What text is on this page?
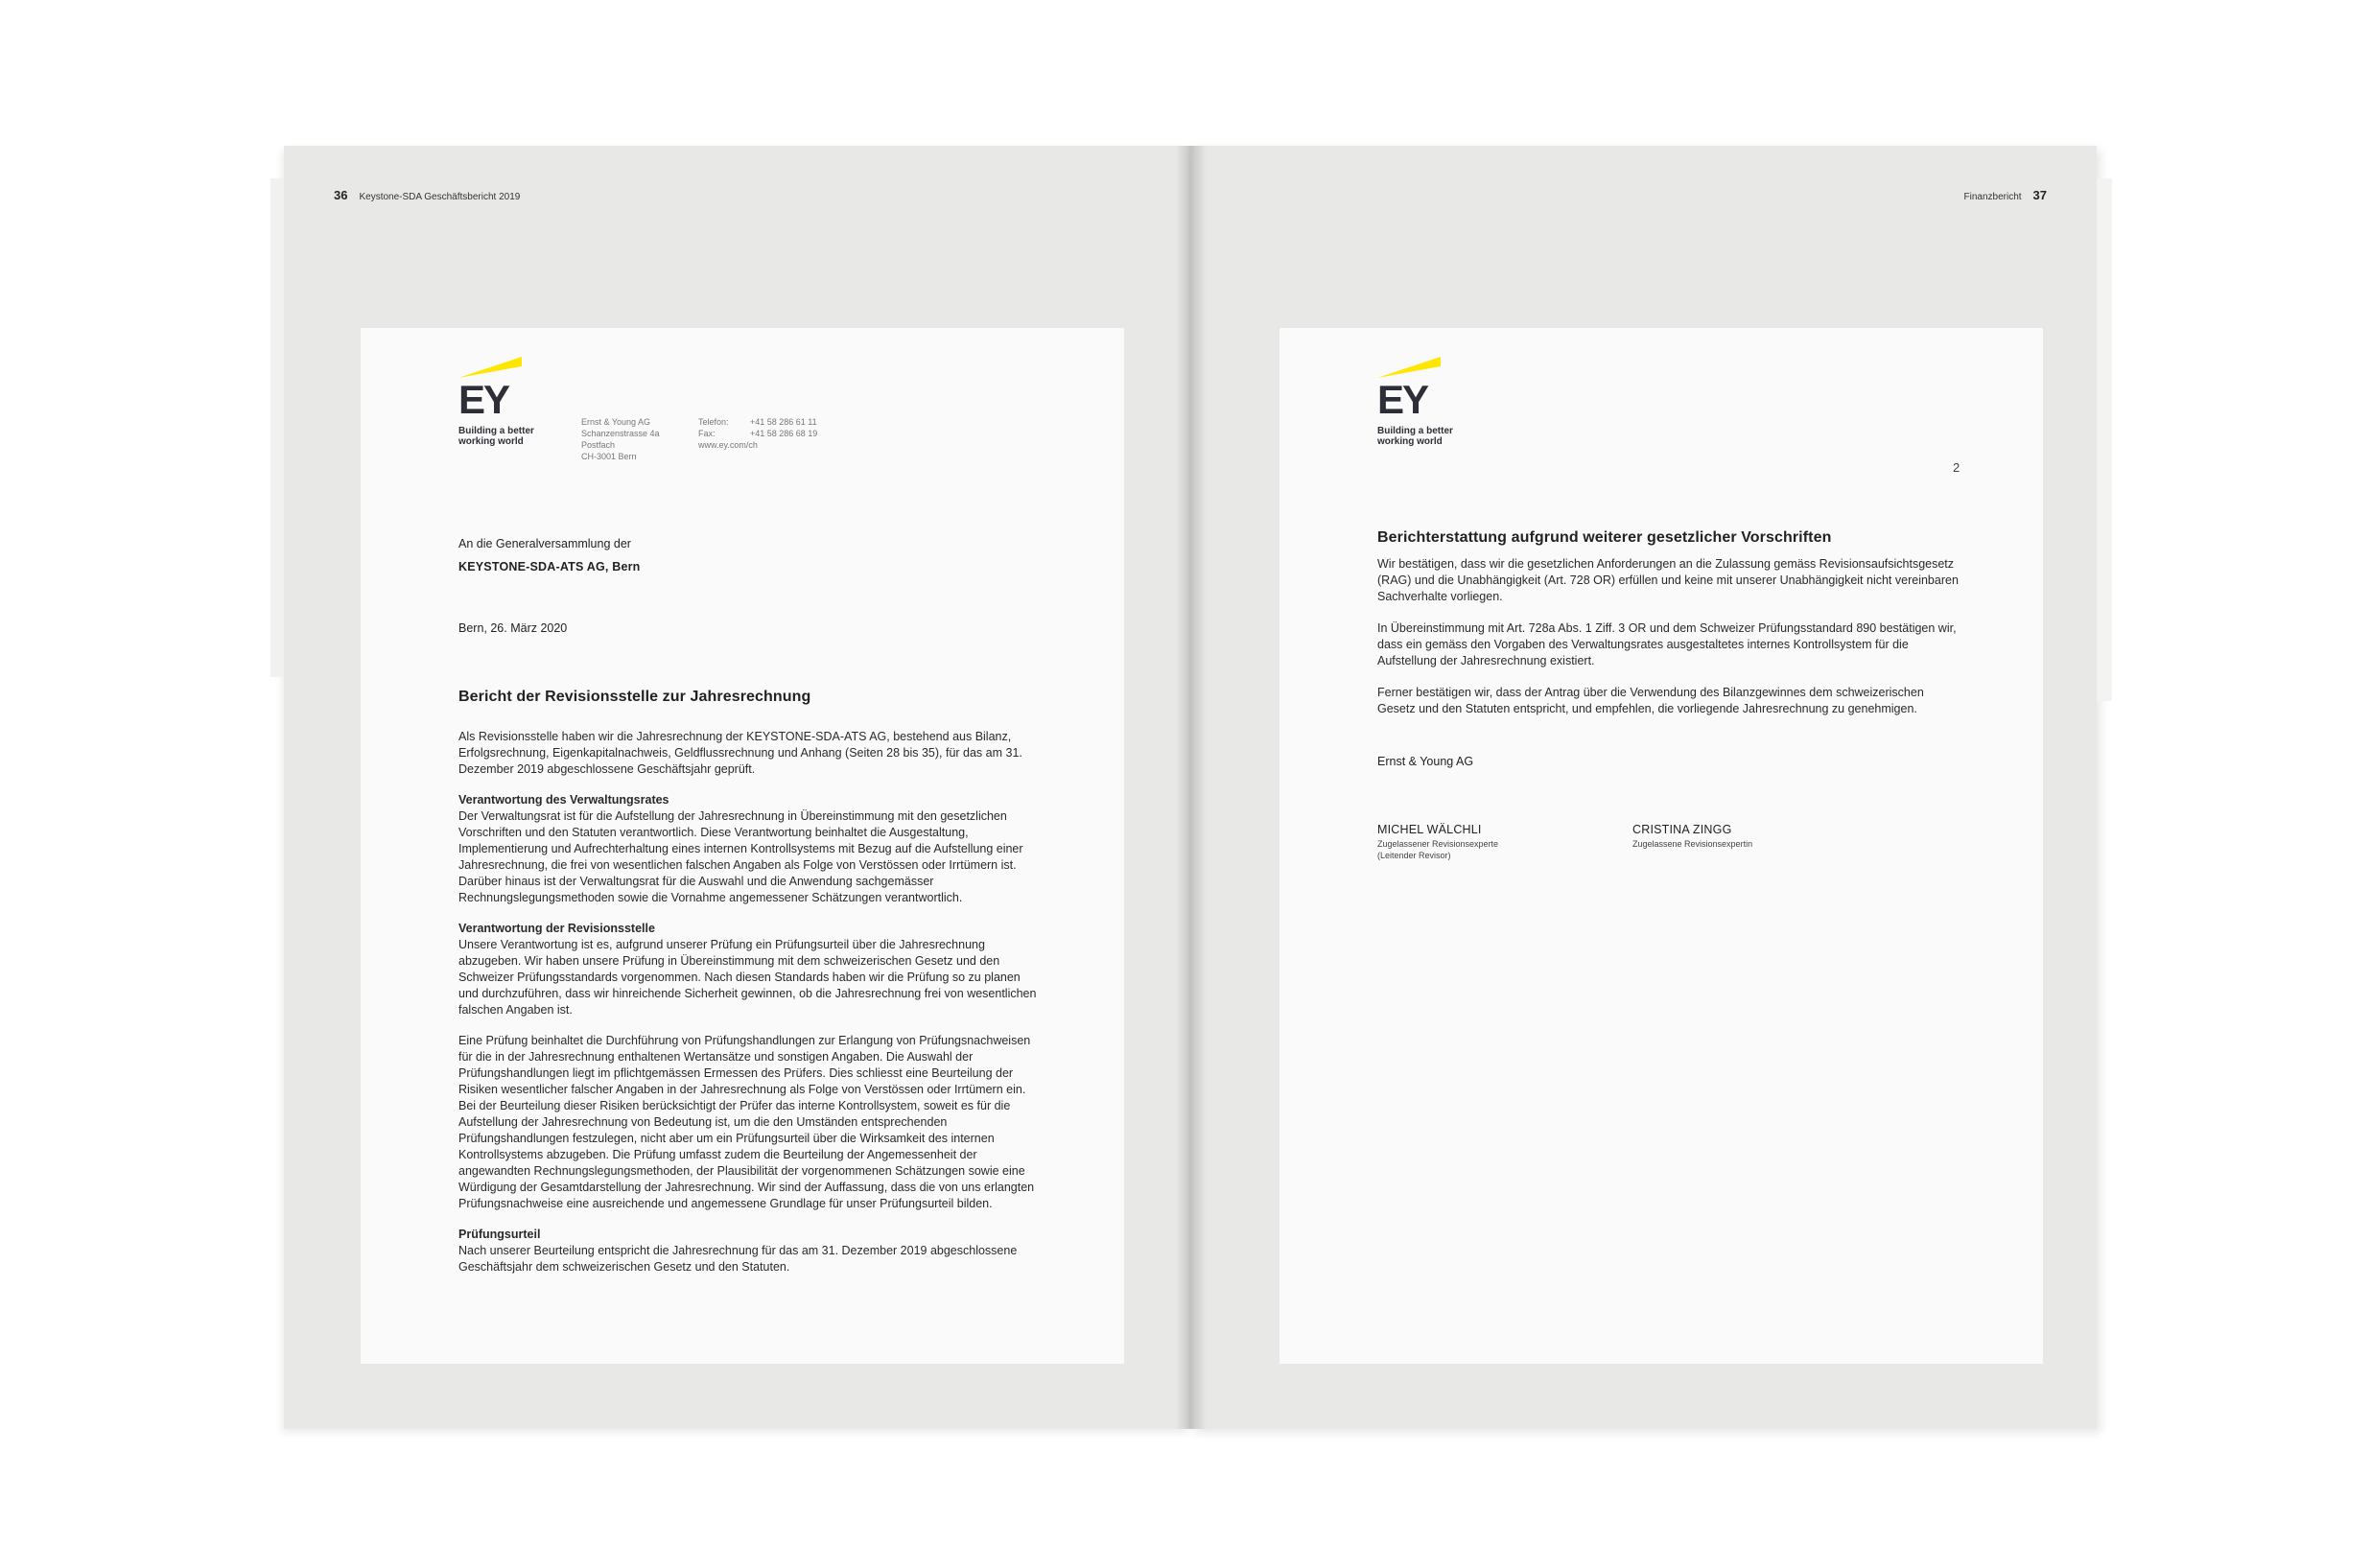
36 Keystone-SDA Geschäftsbericht 2019
EY
Building a better
working world
Ernst & Young AG
Schanzenstrasse 4a
Postfach
CH-3001 Bern
Telefon: +41 58 286 61 11
Fax:	+41 58 286 68 19
www.ey.com/ch
An die Generalversammlung der
KEYSTONE-SDA-ATS AG, Bern
Bern, 26. März 2020
Bericht der Revisionsstelle zur Jahresrechnung

Als Revisionsstelle haben wir die Jahresrechnung der KEYSTONE-SDA-ATS AG, bestehend aus Bilanz, Erfolgsrechnung, Eigenkapitalnachweis, Geldflussrechnung und Anhang (Seiten 28 bis 35), für das am 31. Dezember 2019 abgeschlossene Geschäftsjahr geprüft.

Verantwortung des Verwaltungsrates

Der Verwaltungsrat ist für die Aufstellung der Jahresrechnung in Übereinstimmung mit den gesetzlichen Vorschriften und den Statuten verantwortlich. Diese Verantwortung beinhaltet die Ausgestaltung, Implementierung und Aufrechterhaltung eines internen Kontrollsystems mit Bezug auf die Aufstellung einer Jahresrechnung, die frei von wesentlichen falschen Angaben als Folge von Verstössen oder Irrtümern ist. Darüber hinaus ist der Verwaltungsrat für die Auswahl und die Anwendung sachgemässer Rechnungslegungsmethoden sowie die Vornahme angemessener Schätzungen verantwortlich.

Verantwortung der Revisionsstelle

Unsere Verantwortung ist es, aufgrund unserer Prüfung ein Prüfungsurteil über die Jahresrechnung abzugeben. Wir haben unsere Prüfung in Übereinstimmung mit dem schweizerischen Gesetz und den Schweizer Prüfungsstandards vorgenommen. Nach diesen Standards haben wir die Prüfung so zu planen und durchzuführen, dass wir hinreichende Sicherheit gewinnen, ob die Jahresrechnung frei von wesentlichen falschen Angaben ist.

Eine Prüfung beinhaltet die Durchführung von Prüfungshandlungen zur Erlangung von Prüfungsnachweisen für die in der Jahresrechnung enthaltenen Wertansätze und sonstigen Angaben. Die Auswahl der Prüfungshandlungen liegt im pflichtgemässen Ermessen des Prüfers. Dies schliesst eine Beurteilung der Risiken wesentlicher falscher Angaben in der Jahresrechnung als Folge von Verstössen oder Irrtümern ein. Bei der Beurteilung dieser Risiken berücksichtigt der Prüfer das interne Kontrollsystem, soweit es für die Aufstellung der Jahresrechnung von Bedeutung ist, um die den Umständen entsprechenden Prüfungshandlungen festzulegen, nicht aber um ein Prüfungsurteil über die Wirksamkeit des internen Kontrollsystems abzugeben. Die Prüfung umfasst zudem die Beurteilung der Angemessenheit der angewandten Rechnungslegungsmethoden, der Plausibilität der vorgenommenen Schätzungen sowie eine Würdigung der Gesamtdarstellung der Jahresrechnung. Wir sind der Auffassung, dass die von uns erlangten Prüfungsnachweise eine ausreichende und angemessene Grundlage für unser Prüfungsurteil bilden.

Prüfungsurteil

Nach unserer Beurteilung entspricht die Jahresrechnung für das am 31. Dezember 2019 abgeschlossene Geschäftsjahr dem schweizerischen Gesetz und den Statuten.

Finanzbericht 37
EY
Building a better
working world
2
Berichterstattung aufgrund weiterer gesetzlicher Vorschriften

Wir bestätigen, dass wir die gesetzlichen Anforderungen an die Zulassung gemäss Revisionsaufsichtsgesetz (RAG) und die Unabhängigkeit (Art. 728 OR) erfüllen und keine mit unserer Unabhängigkeit nicht vereinbaren Sachverhalte vorliegen.

In Übereinstimmung mit Art. 728a Abs. 1 Ziff. 3 OR und dem Schweizer Prüfungsstandard 890 bestätigen wir, dass ein gemäss den Vorgaben des Verwaltungsrates ausgestaltetes internes Kontrollsystem für die Aufstellung der Jahresrechnung existiert.

Ferner bestätigen wir, dass der Antrag über die Verwendung des Bilanzgewinnes dem schweizerischen Gesetz und den Statuten entspricht, und empfehlen, die vorliegende Jahresrechnung zu genehmigen.

Ernst & Young AG
MICHEL WÄLCHLI
Zugelassener Revisionsexperte
(Leitender Revisor)
CRISTINA ZINGG
Zugelassene Revisionsexpertin
